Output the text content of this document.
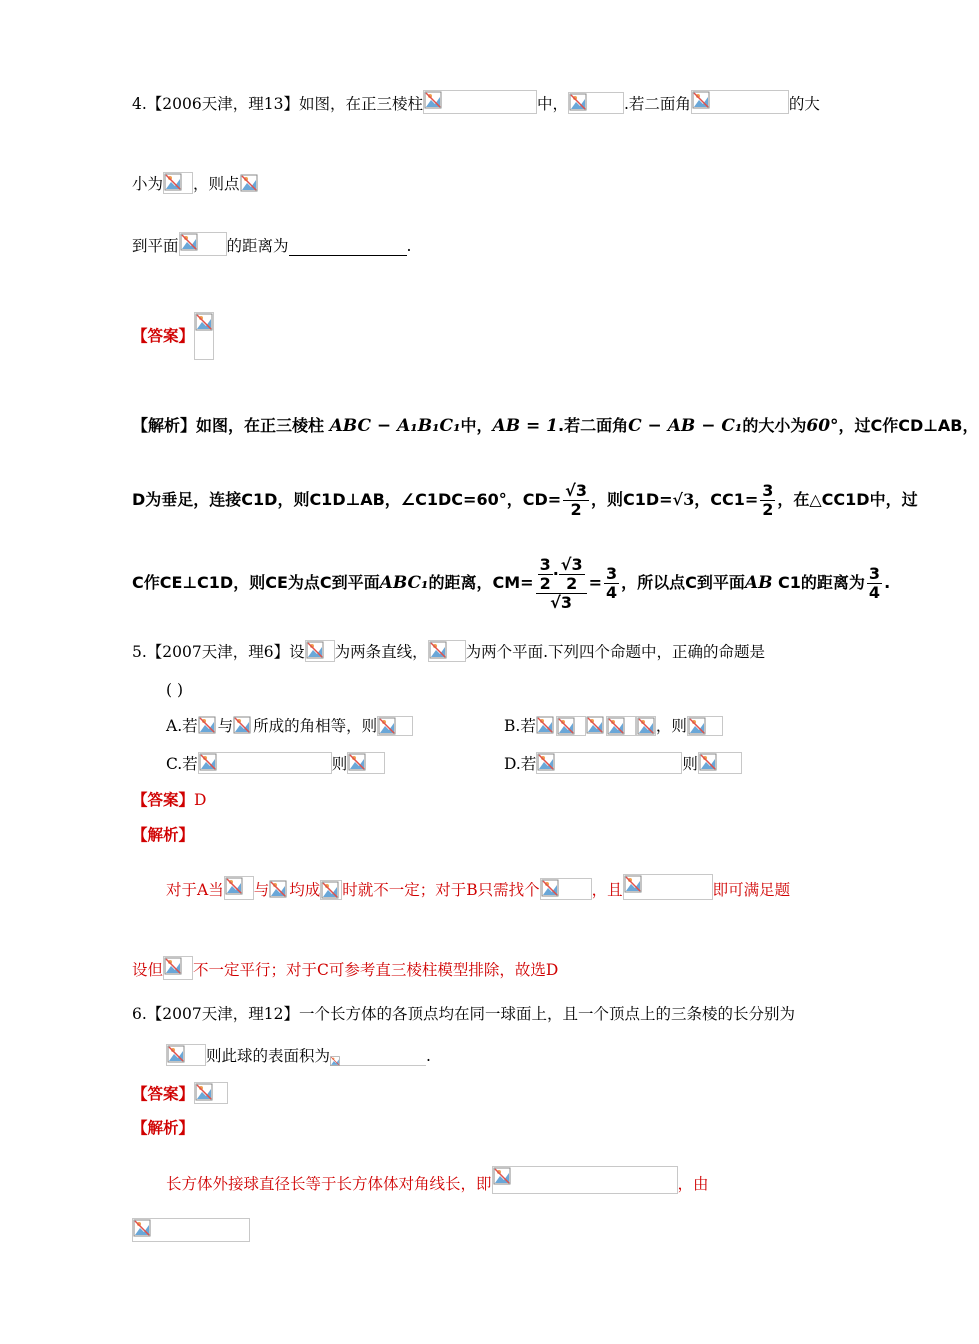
4.【2006天津，理13】如图，在正三棱柱	中，	.若二面角	的大
小为 ，则点
到平面	的距离为	.
【答案】
【解析】如图，在正三棱柱 ABC − A₁B₁C₁中，AB = 1.若二面角C − AB − C₁的大小为60°，过C作CD⊥AB，
D为垂足，连接C1D，则C1D⊥AB，∠C1DC=60°，$CD= \frac{√3}{2}$ ，则C1D=√3，$CC1= \frac{3}{2}$ ，在△CC1D中，过
C作CE⊥C1D，则CE为点C到平面ABC₁的距离，$CM= \frac{\frac{3}{2} \cdot \frac{√3}{2}}{√3} = \frac{3}{4}$ ，所以点C到平面AB C1的距离为 $\frac{3}{4}$ .
5.【2007天津，理6】设 为两条直线， 为两个平面.下列四个命题中，正确的命题是
( )
A.若 与 所成的角相等，则	B.若	，则
C.若	则	D.若	则
【答案】D
【解析】
对于A当 与 均成 时就不一定；对于B只需找个	，且	即可满足题
设但 不一定平行；对于C可参考直三棱柱模型排除，故选D
6.【2007天津，理12】一个长方体的各顶点均在同一球面上，且一个顶点上的三条棱的长分别为
则此球的表面积为	.
【答案】
【解析】
长方体外接球直径长等于长方体体对角线长，即	，由
